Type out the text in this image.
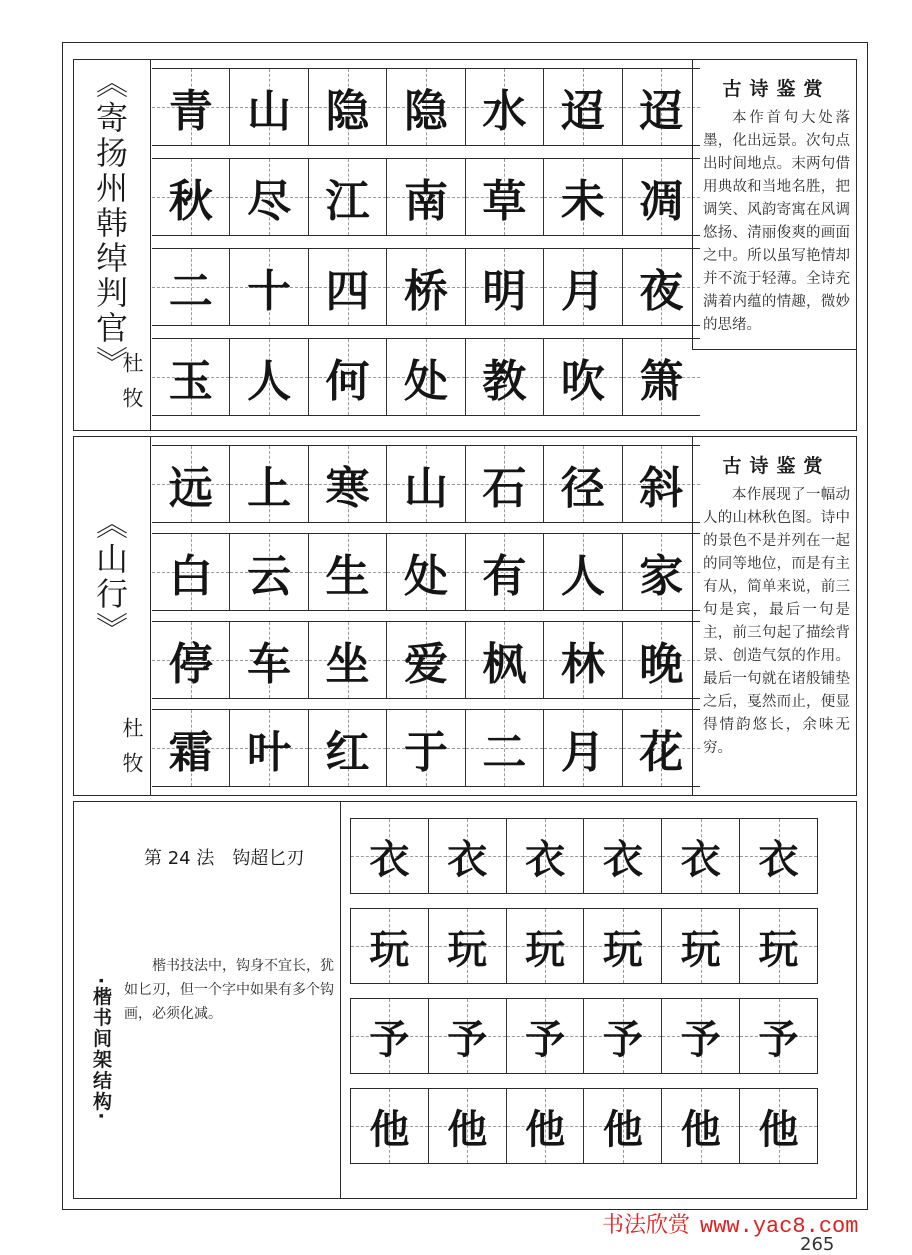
《寄扬州韩绰判官》
杜牧
青 山 隐 隐 水 迢 迢
秋 尽 江 南 草 未 凋
二 十 四 桥 明 月 夜
玉 人 何 处 教 吹 箫
古诗鉴赏
本作首句大处落墨，化出远景。次句点出时间地点。末两句借用典故和当地名胜，把调笑、风韵寄寓在风调悠扬、清丽俊爽的画面之中。所以虽写艳情却并不流于轻薄。全诗充满着内蕴的情趣，微妙的思绪。
《山行》
杜牧
远 上 寒 山 石 径 斜
白 云 生 处 有 人 家
停 车 坐 爱 枫 林 晚
霜 叶 红 于 二 月 花
古诗鉴赏
本作展现了一幅动人的山林秋色图。诗中的景色不是并列在一起的同等地位，而是有主有从，简单来说，前三句是宾，最后一句是主，前三句起了描绘背景、创造气氛的作用。最后一句就在诸般铺垫之后，戛然而止，便显得情韵悠长，余味无穷。
第 24 法 钩超匕刃
楷书技法中，钩身不宜长，犹如匕刃，但一个字中如果有多个钩画，必须化减。
·楷书间架结构·
衣 衣 衣 衣 衣 衣
玩 玩 玩 玩 玩 玩
予 予 予 予 予 予
他 他 他 他 他 他
书法欣赏 www.yac8.com
265
